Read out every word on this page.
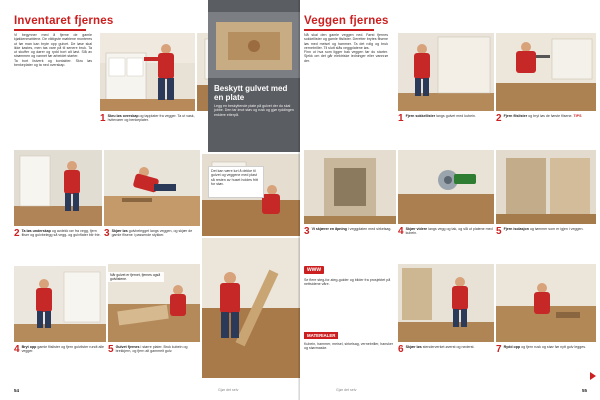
Inventaret fjernes
Vi begynner med å fjerne de gamle kjøkkenmøblene. De viktigste møblene monteres ut før man kan bryte opp gulvet. De løse skal ikke kastes, men tas vare på til senere bruk. Ta ut skuffer og dører og rydd bort alt løst. Slå av strømmen og vannet før arbeidet starter.
Ta bort listverk og kontakter. Skru løs benkeplater og ta ned overskap.
1 Skru løs overskap og tapplater fra vegger. Ta ut vask, hvitevarer og benkeplater.
Beskytt gulvet med en plate
Legg en beskyttende plate på gulvet der du skal jobbe. Den tar imot støv og rusk og gjør ryddingen enklere etterpå.
Det kan være lurt å dekke til gulvet og veggene med plast så resten av huset holdes fritt for støv.
2 Ta løs underskap og avdekk rør fra vegg, fjern fliser og gulvbelegg så vegg- og gulvflater blir frie. 3 Skjær løs gulvbelegget langs veggen, og skjær de gamle flisene i passende stykker.
Når gulvet er fjernet, fjernes også gulvlistene.
4 Bryt opp gamle flislister og fjern gulvlister rundt alle vegger.	5 Gulvet fjernes i større plater. Bruk kubein og brekkjern, og fjern alt gammelt gulv.
54	Gjør det selv
Veggen fjernes
Nå skal den gamle veggen ned. Først fjernes sokkellister og gamle flislister. Deretter brytes flisene løs med meisel og hammer. Ta det rolig og bruk vernebriller. Til slutt slås veggplatene løs.
Finn ut hva som ligger bak veggen før du starter. Sjekk om det går elektriske ledninger eller vannrør der.
1 Fjern sokkellister langs gulvet med kubein.	2 Fjern flislister og bryt løs de første flisene. TIPS
3 Vi skjærer en åpning i veggplaten med sirkelsag. 4 Skjær videre langs vegg og tak, og slå ut platene med kubein.	5 Fjern isolasjon og tømmer som er igjen i veggen.
www
Se flere steg-for-steg-guider og bilder fra prosjektet på nettsidene våre.
MATERIALER
Kubein, hammer, meisel, sirkelsag, vernebriller, hansker og støvmaske.	6 Skjær løs stenderverket øverst og nederst.	7 Rydd opp og fjern rusk og støv før nytt gulv legges.
Gjør det selv	55
